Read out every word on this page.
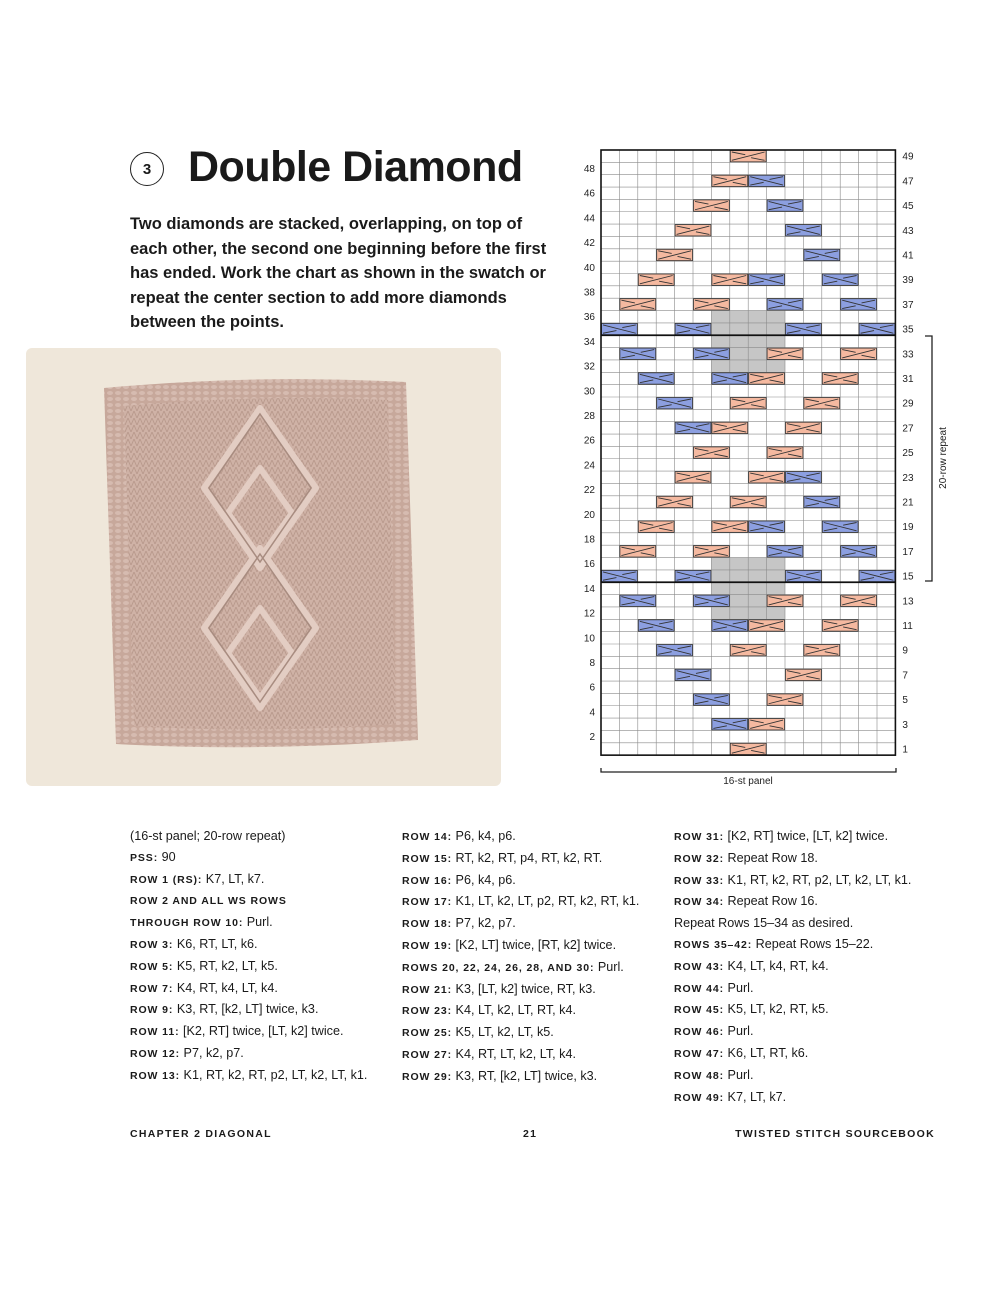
3 Double Diamond

Two diamonds are stacked, overlapping, on top of each other, the second one beginning before the first has ended. Work the chart as shown in the swatch or repeat the center section to add more diamonds between the points.

2
4
6
8
10
12
14
16
18
20
22
24
26
28
30
32
34
36
38
40
42
44
46
48
1
3
5
7
9
11
13
15
17
19
21
23
25
27
29
31
33
35
37
39
41
43
45
47
49
16-st panel
20-row repeat
(16-st panel; 20-row repeat)
PSS: 90
ROW 1 (RS): K7, LT, k7.
ROW 2 AND ALL WS ROWS
THROUGH ROW 10: Purl.
ROW 3: K6, RT, LT, k6.
ROW 5: K5, RT, k2, LT, k5.
ROW 7: K4, RT, k4, LT, k4.
ROW 9: K3, RT, [k2, LT] twice, k3.
ROW 11: [K2, RT] twice, [LT, k2] twice.
ROW 12: P7, k2, p7.
ROW 13: K1, RT, k2, RT, p2, LT, k2, LT, k1.
ROW 14: P6, k4, p6.
ROW 15: RT, k2, RT, p4, RT, k2, RT.
ROW 16: P6, k4, p6.
ROW 17: K1, LT, k2, LT, p2, RT, k2, RT, k1.
ROW 18: P7, k2, p7.
ROW 19: [K2, LT] twice, [RT, k2] twice.
ROWS 20, 22, 24, 26, 28, AND 30: Purl.
ROW 21: K3, [LT, k2] twice, RT, k3.
ROW 23: K4, LT, k2, LT, RT, k4.
ROW 25: K5, LT, k2, LT, k5.
ROW 27: K4, RT, LT, k2, LT, k4.
ROW 29: K3, RT, [k2, LT] twice, k3.
ROW 31: [K2, RT] twice, [LT, k2] twice.
ROW 32: Repeat Row 18.
ROW 33: K1, RT, k2, RT, p2, LT, k2, LT, k1.
ROW 34: Repeat Row 16.
Repeat Rows 15–34 as desired.
ROWS 35–42: Repeat Rows 15–22.
ROW 43: K4, LT, k4, RT, k4.
ROW 44: Purl.
ROW 45: K5, LT, k2, RT, k5.
ROW 46: Purl.
ROW 47: K6, LT, RT, k6.
ROW 48: Purl.
ROW 49: K7, LT, k7.
CHAPTER 2 DIAGONAL	21	TWISTED STITCH SOURCEBOOK
